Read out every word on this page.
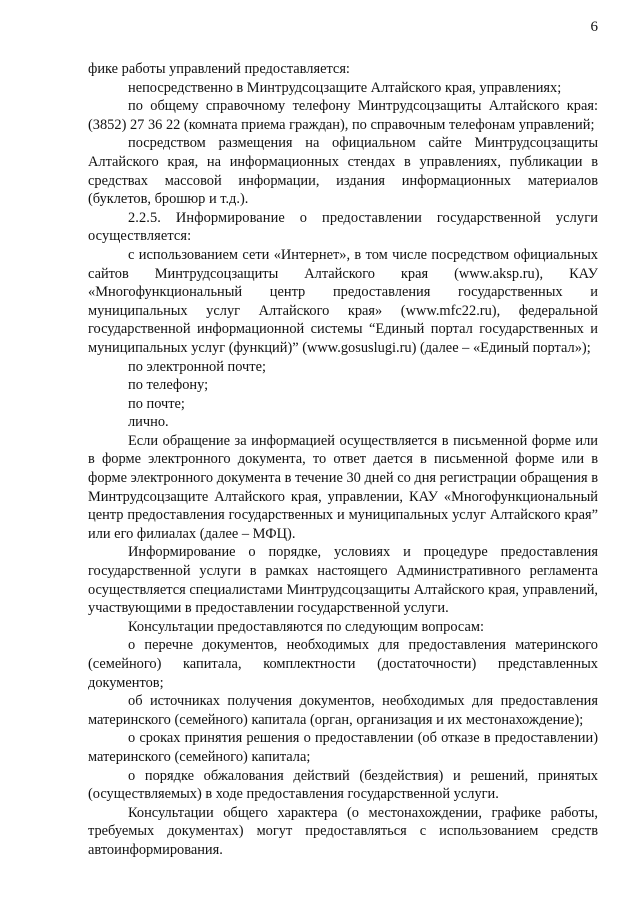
6

фике работы управлений предоставляется:

непосредственно в Минтрудсоцзащите Алтайского края, управлениях;

по общему справочному телефону Минтрудсоцзащиты Алтайского края: (3852) 27 36 22 (комната приема граждан), по справочным телефонам управлений;

посредством размещения на официальном сайте Минтрудсоцзащиты Алтайского края, на информационных стендах в управлениях, публикации в средствах массовой информации, издания информационных материалов (буклетов, брошюр и т.д.).

2.2.5. Информирование о предоставлении государственной услуги осуществляется:

с использованием сети «Интернет», в том числе посредством официальных сайтов Минтрудсоцзащиты Алтайского края (www.aksp.ru), КАУ «Многофункциональный центр предоставления государственных и муниципальных услуг Алтайского края» (www.mfc22.ru), федеральной государственной информационной системы “Единый портал государственных и муниципальных услуг (функций)” (www.gosuslugi.ru) (далее – «Единый портал»);

по электронной почте;

по телефону;

по почте;

лично.

Если обращение за информацией осуществляется в письменной форме или в форме электронного документа, то ответ дается в письменной форме или в форме электронного документа в течение 30 дней со дня регистрации обращения в Минтрудсоцзащите Алтайского края, управлении, КАУ «Многофункциональный центр предоставления государственных и муниципальных услуг Алтайского края” или его филиалах (далее – МФЦ).

Информирование о порядке, условиях и процедуре предоставления государственной услуги в рамках настоящего Административного регламента осуществляется специалистами Минтрудсоцзащиты Алтайского края, управлений, участвующими в предоставлении государственной услуги.

Консультации предоставляются по следующим вопросам:

о перечне документов, необходимых для предоставления материнского (семейного) капитала, комплектности (достаточности) представленных документов;

об источниках получения документов, необходимых для предоставления материнского (семейного) капитала (орган, организация и их местонахождение);

о сроках принятия решения о предоставлении (об отказе в предоставлении) материнского (семейного) капитала;

о порядке обжалования действий (бездействия) и решений, принятых (осуществляемых) в ходе предоставления государственной услуги.

Консультации общего характера (о местонахождении, графике работы, требуемых документах) могут предоставляться с использованием средств автоинформирования.
